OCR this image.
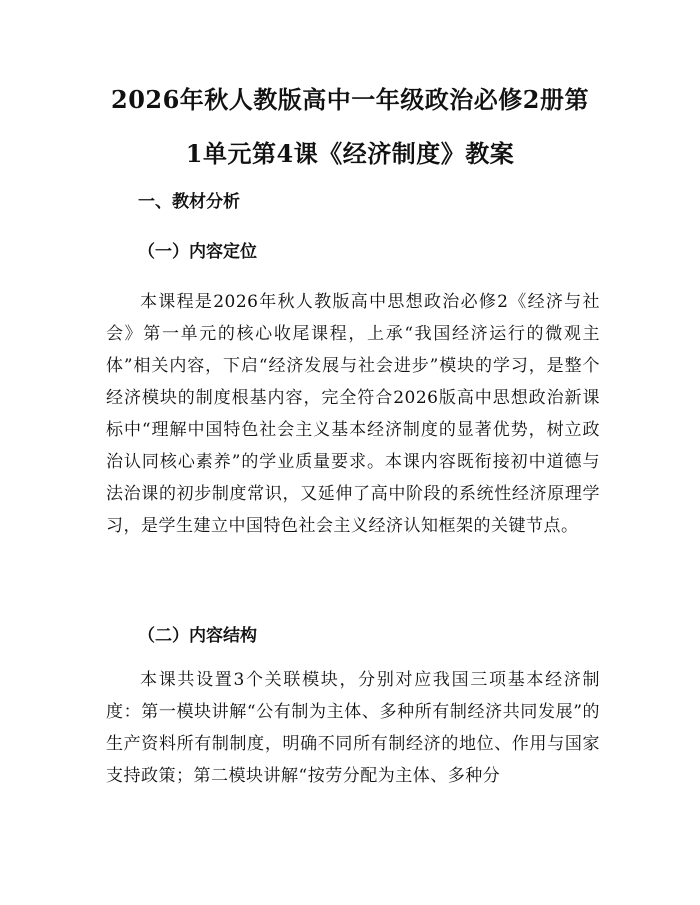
2026年秋人教版高中一年级政治必修2册第
1单元第4课《经济制度》教案
一、教材分析
（一）内容定位

本课程是2026年秋人教版高中思想政治必修2《经济与社会》第一单元的核心收尾课程，上承“我国经济运行的微观主体”相关内容，下启“经济发展与社会进步”模块的学习，是整个经济模块的制度根基内容，完全符合2026版高中思想政治新课标中“理解中国特色社会主义基本经济制度的显著优势，树立政治认同核心素养”的学业质量要求。本课内容既衔接初中道德与法治课的初步制度常识，又延伸了高中阶段的系统性经济原理学习，是学生建立中国特色社会主义经济认知框架的关键节点。

（二）内容结构

本课共设置3个关联模块，分别对应我国三项基本经济制度：第一模块讲解“公有制为主体、多种所有制经济共同发展”的生产资料所有制制度，明确不同所有制经济的地位、作用与国家支持政策；第二模块讲解“按劳分配为主体、多种分
